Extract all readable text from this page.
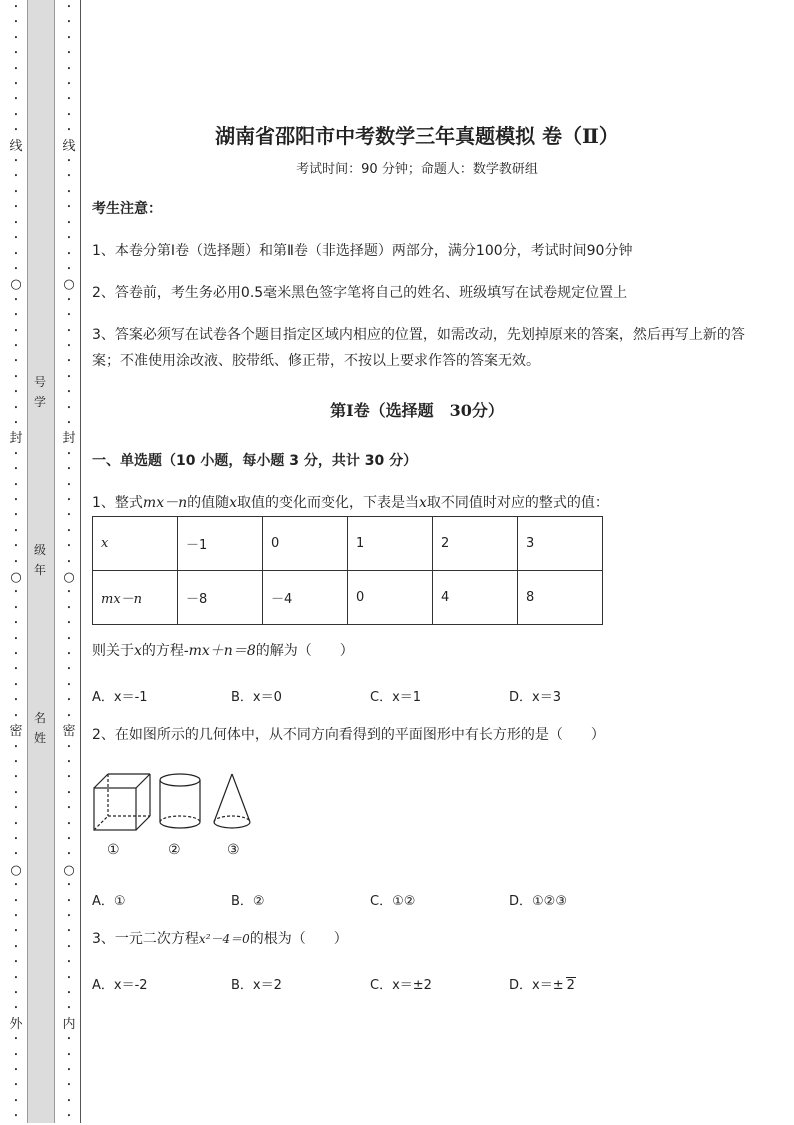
•
•
•
•
•
•
•
•
•
线
•
•
•
•
•
•
•
•
○
•
•
•
•
•
•
•
•
•
封
•
•
•
•
•
•
•
•
○
•
•
•
•
•
•
•
•
•
密
•
•
•
•
•
•
•
•
○
•
•
•
•
•
•
•
•
•
外
•
•
•
•
•
•
号
学
级
年
名
姓
•
•
•
•
•
•
•
•
•
线
•
•
•
•
•
•
•
•
○
•
•
•
•
•
•
•
•
•
封
•
•
•
•
•
•
•
•
○
•
•
•
•
•
•
•
•
•
密
•
•
•
•
•
•
•
•
○
•
•
•
•
•
•
•
•
•
内
•
•
•
•
•
•
湖南省邵阳市中考数学三年真题模拟 卷（Ⅱ）
考试时间：90 分钟；命题人：数学教研组
考生注意：
1、本卷分第Ⅰ卷（选择题）和第Ⅱ卷（非选择题）两部分，满分100分，考试时间90分钟
2、答卷前，考生务必用0.5毫米黑色签字笔将自己的姓名、班级填写在试卷规定位置上
3、答案必须写在试卷各个题目指定区域内相应的位置，如需改动，先划掉原来的答案，然后再写上新的答案；不准使用涂改液、胶带纸、修正带，不按以上要求作答的答案无效。
第Ⅰ卷（选择题　30分）
一、单选题（10 小题，每小题 3 分，共计 30 分）
1、整式mx－n的值随x取值的变化而变化，下表是当x取不同值时对应的整式的值：
x	－1	0	1	2	3
mx－n	－8	－4	0	4	8
则关于x的方程-mx＋n＝8的解为（　　）
A．x＝-1	B．x＝0	C．x＝1	D．x＝3
2、在如图所示的几何体中，从不同方向看得到的平面图形中有长方形的是（　　）
①	②	③
A．①	B．②	C．①②	D．①②③
3、一元二次方程x²－4＝0的根为（　　）
A．x＝-2	B．x＝2	C．x＝±2	D．x＝± 2
